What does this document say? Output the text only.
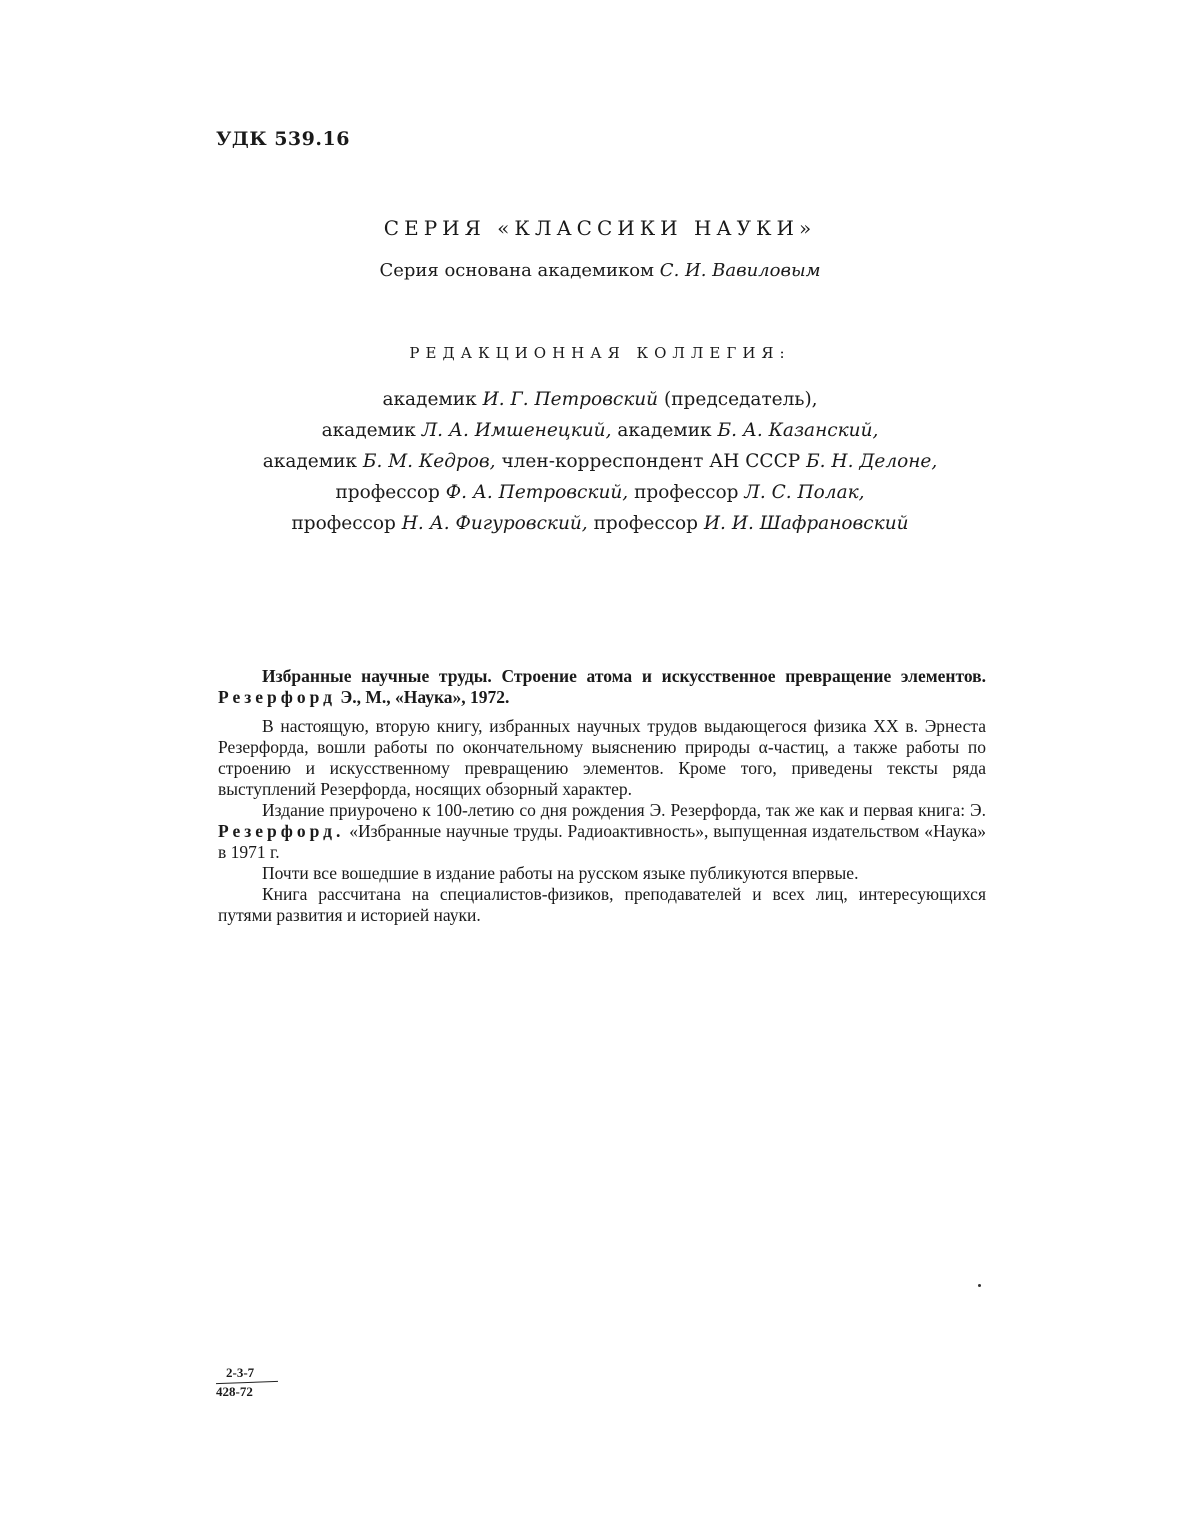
УДК 539.16
СЕРИЯ «КЛАССИКИ НАУКИ»
Серия основана академиком С. И. Вавиловым
РЕДАКЦИОННАЯ КОЛЛЕГИЯ:
академик И. Г. Петровский (председатель),
академик Л. А. Имшенецкий, академик Б. А. Казанский,
академик Б. М. Кедров, член-корреспондент АН СССР Б. Н. Делоне,
профессор Ф. А. Петровский, профессор Л. С. Полак,
профессор Н. А. Фигуровский, профессор И. И. Шафрановский

Избранные научные труды. Строение атома и искусственное превращение элементов. Резерфорд Э., М., «Наука», 1972.

В настоящую, вторую книгу, избранных научных трудов выдающегося физика XX в. Эрнеста Резерфорда, вошли работы по окончательному выяснению природы α-частиц, а также работы по строению и искусственному превращению элементов. Кроме того, приведены тексты ряда выступлений Резерфорда, носящих обзорный характер.

Издание приурочено к 100-летию со дня рождения Э. Резерфорда, так же как и первая книга: Э. Резерфорд. «Избранные научные труды. Радиоактивность», выпущенная издательством «Наука» в 1971 г.

Почти все вошедшие в издание работы на русском языке публикуются впервые.

Книга рассчитана на специалистов-физиков, преподавателей и всех лиц, интересующихся путями развития и историей науки.

2-3-7
428-72
